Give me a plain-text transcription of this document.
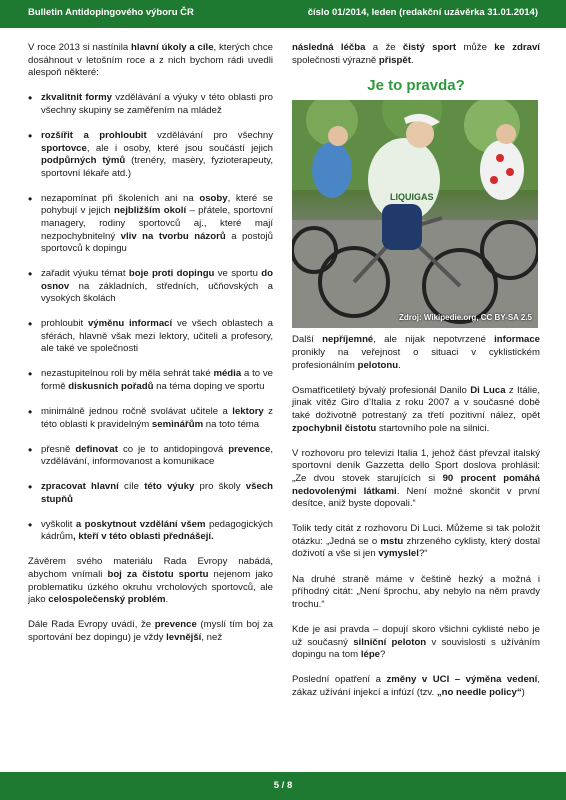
Bulletin Antidopingového výboru ČR	číslo 01/2014, leden (redakční uzávěrka 31.01.2014)

V roce 2013 si nastínila hlavní úkoly a cíle, kterých chce dosáhnout v letošním roce a z nich bychom rádi uvedli alespoň některé:

• zkvalitnit formy vzdělávání a výuky v této oblasti pro všechny skupiny se zaměřením na mládež
• rozšířit a prohloubit vzdělávání pro všechny sportovce, ale i osoby, které jsou součástí jejich podpůrných týmů (trenéry, masėry, fyzioterapeuty, sportovní lékaře atd.)
• nezapomínat při školeních ani na osoby, které se pohybují v jejich nejbližším okolí – přátele, sportovní managery, rodiny sportovců aj., které mají nezpochybnitelný vliv na tvorbu názorů a postojů sportovců k dopingu
• zařadit výuku témat boje proti dopingu ve sportu do osnov na základních, středních, učňovských a vysokých školách
• prohloubit výměnu informací ve všech oblastech a sférách, hlavně však mezi lektory, učiteli a profesory, ale také ve společnosti
• nezastupitelnou roli by měla sehrát také média a to ve formě diskusních pořadů na téma doping ve sportu
• minimálně jednou ročně svolávat učitele a lektory z této oblasti k pravidelným seminářům na toto téma
• přesně definovat co je to antidopingová prevence, vzdělávání, informovanost a komunikace
• zpracovat hlavní cíle této výuky pro školy všech stupňů
• vyškolit a poskytnout vzdělání všem pedagogických kádrům, kteří v této oblasti přednášejí.

Závěrem svého materiálu Rada Evropy nabádá, abychom vnímali boj za čistotu sportu nejenom jako problematiku úzkého okruhu vrcholových sportovců, ale jako celospolečenský problém.

Dále Rada Evropy uvádí, že prevence (myslí tím boj za sportování bez dopingu) je vždy levnější, než

následná léčba a že čistý sport může ke zdraví společnosti výrazně přispět.

Je to pravda?
LIQUIGAS
Zdroj: Wikipedie.org, CC BY-SA 2.5

Další nepříjemné, ale nijak nepotvrzené informace pronikly na veřejnost o situaci v cyklistickém profesionálním pelotonu.

Osmatřicetiletý bývalý profesionál Danilo Di Luca z Itálie, jinak vítěz Giro d’Italia z roku 2007 a v současné době také doživotně potrestaný za třetí pozitivní nález, opět zpochybnil čistotu startovního pole na silnici.

V rozhovoru pro televizi Italia 1, jehož část převzal italský sportovní deník Gazzetta dello Sport doslova prohlásil: „Ze dvou stovek starujících si 90 procent pomáhá nedovolenými látkami. Není možné skončit v první desítce, aniž byste dopovali.“

Tolik tedy citát z rozhovoru Di Luci. Můžeme si tak položit otázku: „Jedná se o mstu zhrzeného cyklisty, který dostal doživotí a vše si jen vymyslel?“

Na druhé straně máme v češtině hezký a možná i příhodný citát: „Není šprochu, aby nebylo na něm pravdy trochu.“

Kde je asi pravda – dopují skoro všichni cyklisté nebo je už současný silniční peloton v souvislosti s užíváním dopingu na tom lépe?

Poslední opatření a změny v UCI – výměna vedení, zákaz užívání injekcí a infúzí (tzv. „no needle policy“)

5 / 8
